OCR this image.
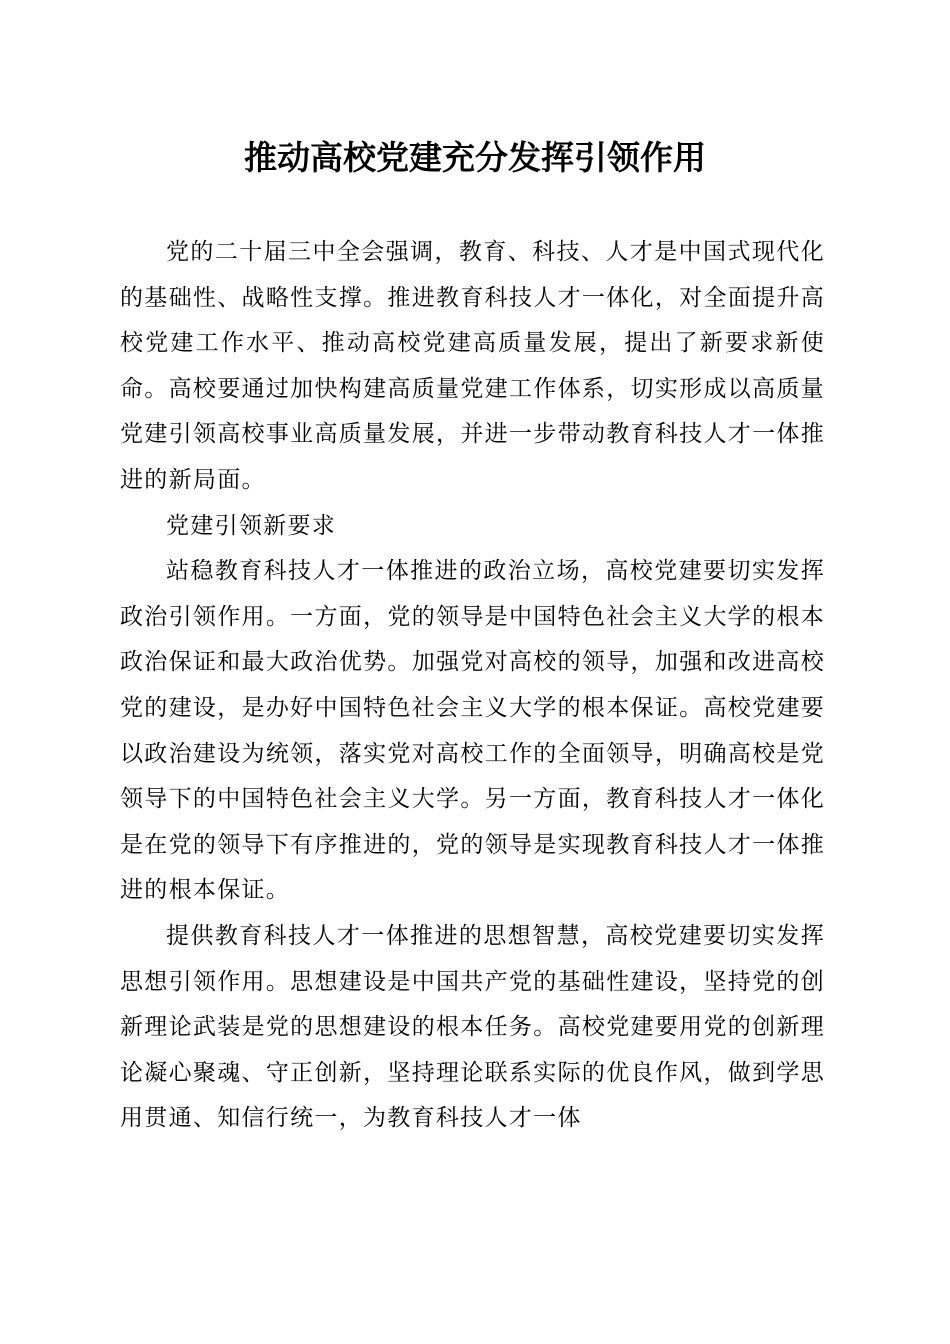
推动高校党建充分发挥引领作用

党的二十届三中全会强调，教育、科技、人才是中国式现代化的基础性、战略性支撑。推进教育科技人才一体化，对全面提升高校党建工作水平、推动高校党建高质量发展，提出了新要求新使命。高校要通过加快构建高质量党建工作体系，切实形成以高质量党建引领高校事业高质量发展，并进一步带动教育科技人才一体推进的新局面。

党建引领新要求

站稳教育科技人才一体推进的政治立场，高校党建要切实发挥政治引领作用。一方面，党的领导是中国特色社会主义大学的根本政治保证和最大政治优势。加强党对高校的领导，加强和改进高校党的建设，是办好中国特色社会主义大学的根本保证。高校党建要以政治建设为统领，落实党对高校工作的全面领导，明确高校是党领导下的中国特色社会主义大学。另一方面，教育科技人才一体化是在党的领导下有序推进的，党的领导是实现教育科技人才一体推进的根本保证。

提供教育科技人才一体推进的思想智慧，高校党建要切实发挥思想引领作用。思想建设是中国共产党的基础性建设，坚持党的创新理论武装是党的思想建设的根本任务。高校党建要用党的创新理论凝心聚魂、守正创新，坚持理论联系实际的优良作风，做到学思用贯通、知信行统一，为教育科技人才一体
